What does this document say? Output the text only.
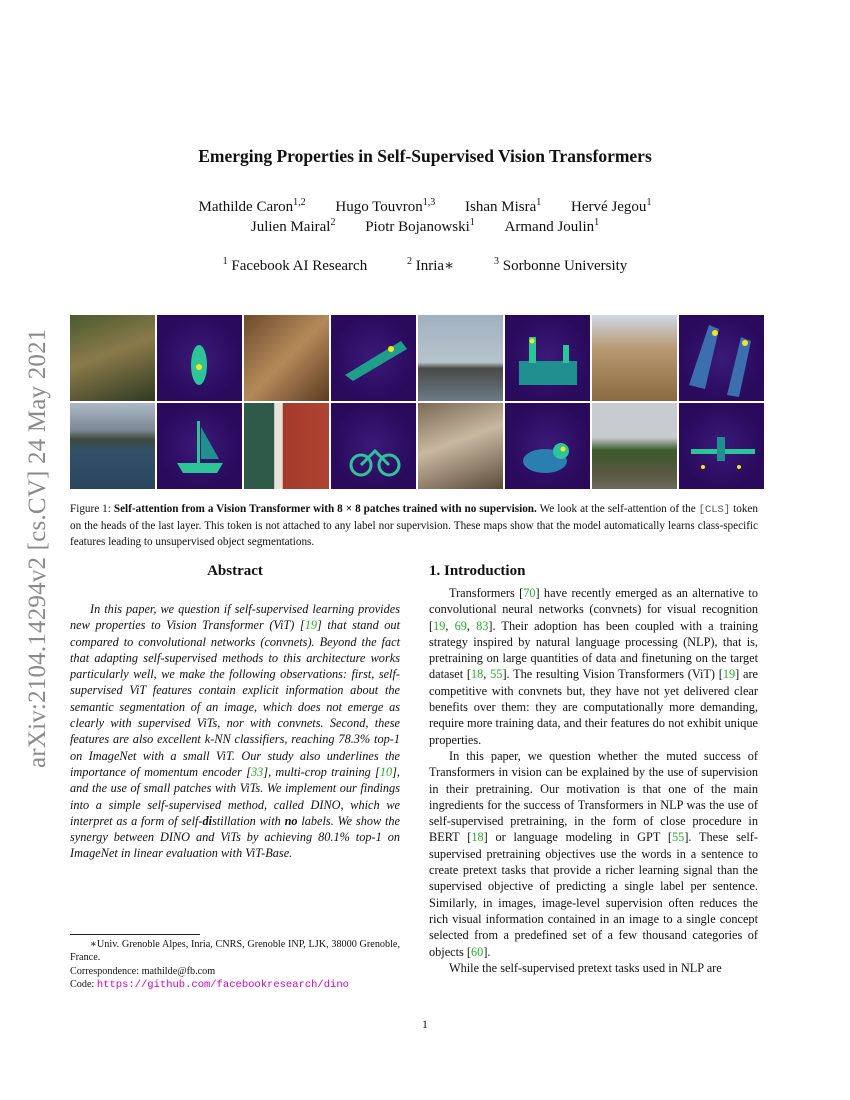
arXiv:2104.14294v2 [cs.CV] 24 May 2021
Emerging Properties in Self-Supervised Vision Transformers
Mathilde Caron$^{1,2}$ Hugo Touvron$^{1,3}$ Ishan Misra$^1$ Hervé Jegou$^1$
Julien Mairal$^2$ Piotr Bojanowski$^1$ Armand Joulin$^1$
$^1$ Facebook AI Research	$^2$ Inria∗	$^3$ Sorbonne University
Figure 1: Self-attention from a Vision Transformer with 8 × 8 patches trained with no supervision. We look at the self-attention of the [CLS] token on the heads of the last layer. This token is not attached to any label nor supervision. These maps show that the model automatically learns class-specific features leading to unsupervised object segmentations.
Abstract
In this paper, we question if self-supervised learning provides new properties to Vision Transformer (ViT) [19] that stand out compared to convolutional networks (convnets). Beyond the fact that adapting self-supervised methods to this architecture works particularly well, we make the following observations: first, self-supervised ViT features contain explicit information about the semantic segmentation of an image, which does not emerge as clearly with supervised ViTs, nor with convnets. Second, these features are also excellent k-NN classifiers, reaching 78.3% top-1 on ImageNet with a small ViT. Our study also underlines the importance of momentum encoder [33], multi-crop training [10], and the use of small patches with ViTs. We implement our findings into a simple self-supervised method, called DINO, which we interpret as a form of self-distillation with no labels. We show the synergy between DINO and ViTs by achieving 80.1% top-1 on ImageNet in linear evaluation with ViT-Base.
∗Univ. Grenoble Alpes, Inria, CNRS, Grenoble INP, LJK, 38000 Grenoble, France.
Correspondence: mathilde@fb.com
Code: https://github.com/facebookresearch/dino
1. Introduction

Transformers [70] have recently emerged as an alternative to convolutional neural networks (convnets) for visual recognition [19, 69, 83]. Their adoption has been coupled with a training strategy inspired by natural language processing (NLP), that is, pretraining on large quantities of data and finetuning on the target dataset [18, 55]. The resulting Vision Transformers (ViT) [19] are competitive with convnets but, they have not yet delivered clear benefits over them: they are computationally more demanding, require more training data, and their features do not exhibit unique properties.

In this paper, we question whether the muted success of Transformers in vision can be explained by the use of supervision in their pretraining. Our motivation is that one of the main ingredients for the success of Transformers in NLP was the use of self-supervised pretraining, in the form of close procedure in BERT [18] or language modeling in GPT [55]. These self-supervised pretraining objectives use the words in a sentence to create pretext tasks that provide a richer learning signal than the supervised objective of predicting a single label per sentence. Similarly, in images, image-level supervision often reduces the rich visual information contained in an image to a single concept selected from a predefined set of a few thousand categories of objects [60].

While the self-supervised pretext tasks used in NLP are

1
